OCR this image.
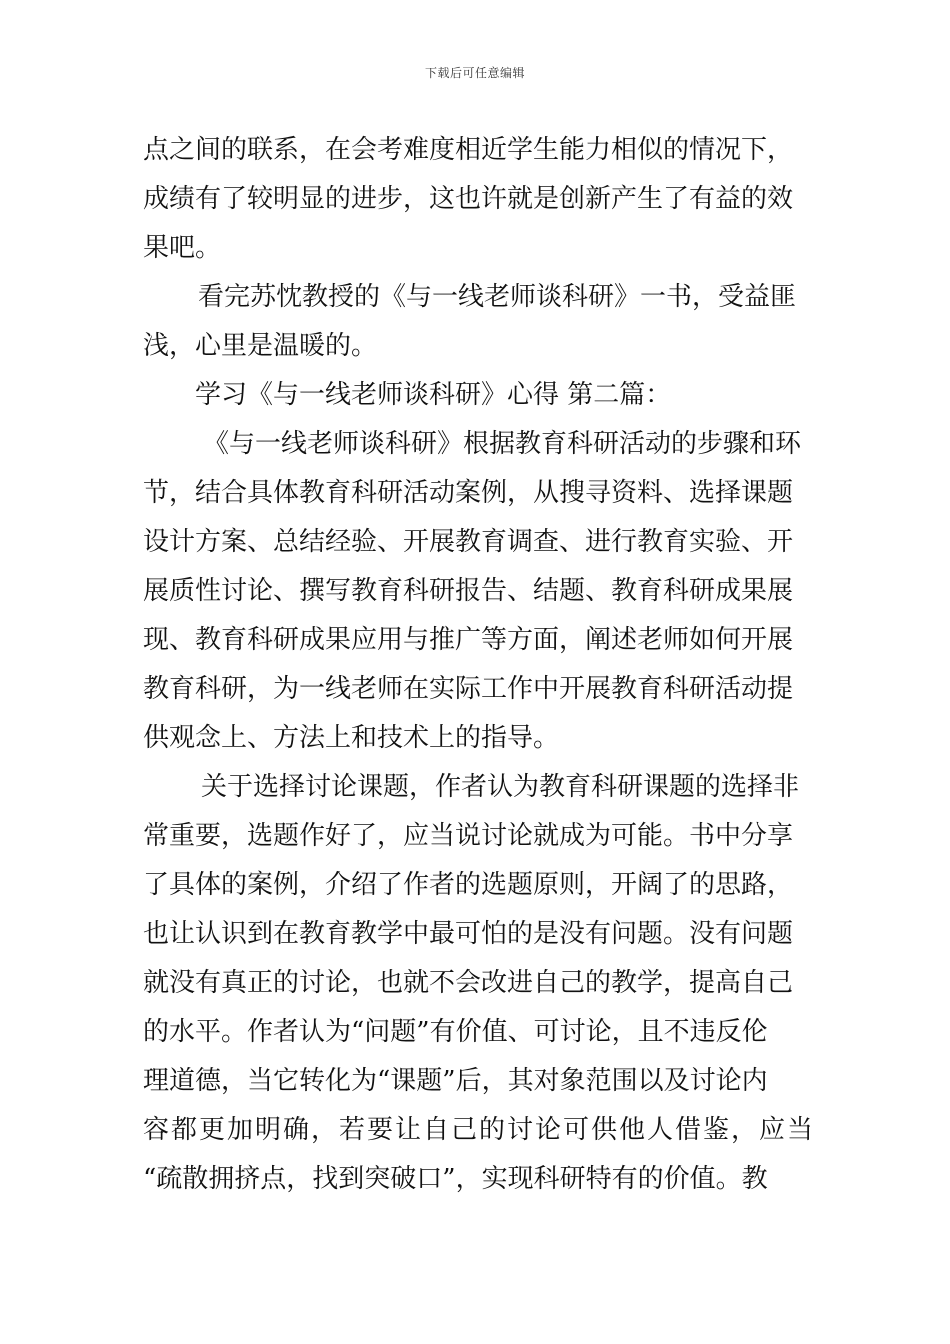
下载后可任意编辑
点之间的联系，在会考难度相近学生能力相似的情况下，
成绩有了较明显的进步，这也许就是创新产生了有益的效
果吧。
看完苏忱教授的《与一线老师谈科研》一书，受益匪
浅，心里是温暖的。
学习《与一线老师谈科研》心得 第二篇：
《与一线老师谈科研》根据教育科研活动的步骤和环
节，结合具体教育科研活动案例，从搜寻资料、选择课题
设计方案、总结经验、开展教育调查、进行教育实验、开
展质性讨论、撰写教育科研报告、结题、教育科研成果展
现、教育科研成果应用与推广等方面，阐述老师如何开展
教育科研，为一线老师在实际工作中开展教育科研活动提
供观念上、方法上和技术上的指导。
关于选择讨论课题，作者认为教育科研课题的选择非
常重要，选题作好了，应当说讨论就成为可能。书中分享
了具体的案例，介绍了作者的选题原则，开阔了的思路，
也让认识到在教育教学中最可怕的是没有问题。没有问题
就没有真正的讨论，也就不会改进自己的教学，提高自己
的水平。作者认为“问题”有价值、可讨论，且不违反伦
理道德，当它转化为“课题”后，其对象范围以及讨论内
容都更加明确，若要让自己的讨论可供他人借鉴，应当
“疏散拥挤点，找到突破口”，实现科研特有的价值。教
